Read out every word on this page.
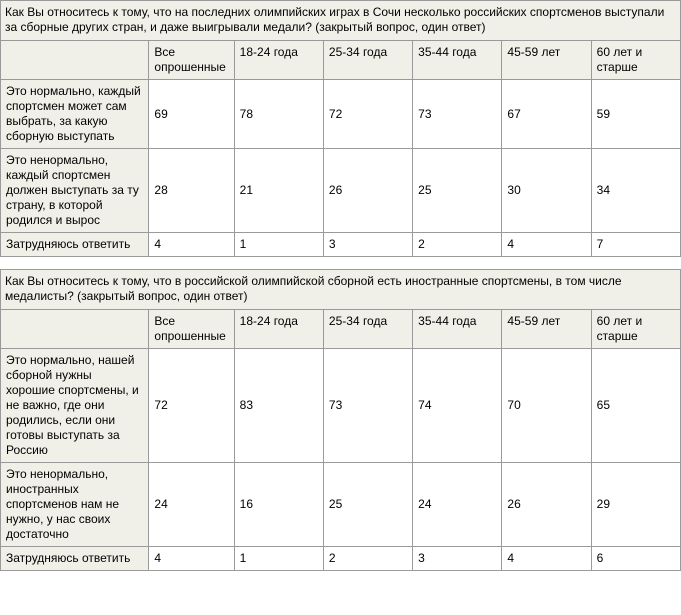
Как Вы относитесь к тому, что на последних олимпийских играх в Сочи несколько российских спортсменов выступали за сборные других стран, и даже выигрывали медали? (закрытый вопрос, один ответ)
	Все опрошенные	18-24 года	25-34 года	35-44 года	45-59 лет	60 лет и старше
Это нормально, каждый спортсмен может сам выбрать, за какую сборную выступать	69	78	72	73	67	59
Это ненормально, каждый спортсмен должен выступать за ту страну, в которой родился и вырос	28	21	26	25	30	34
Затрудняюсь ответить	4	1	3	2	4	7
Как Вы относитесь к тому, что в российской олимпийской сборной есть иностранные спортсмены, в том числе медалисты? (закрытый вопрос, один ответ)
	Все опрошенные	18-24 года	25-34 года	35-44 года	45-59 лет	60 лет и старше
Это нормально, нашей сборной нужны хорошие спортсмены, и не важно, где они родились, если они готовы выступать за Россию	72	83	73	74	70	65
Это ненормально, иностранных спортсменов нам не нужно, у нас своих достаточно	24	16	25	24	26	29
Затрудняюсь ответить	4	1	2	3	4	6
